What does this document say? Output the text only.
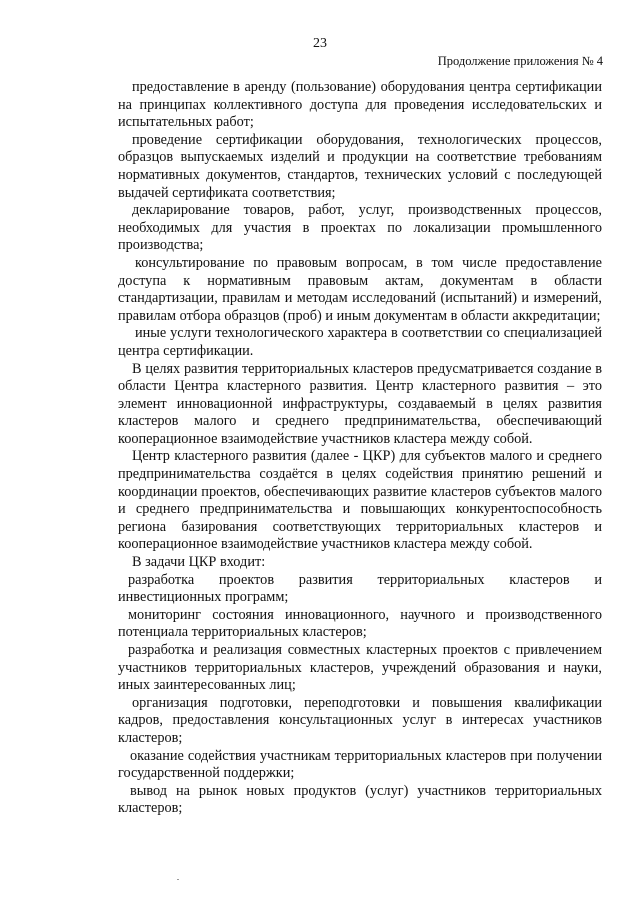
23
Продолжение приложения № 4

предоставление в аренду (пользование) оборудования центра сертификации на принципах коллективного доступа для проведения исследовательских и испытательных работ;

проведение сертификации оборудования, технологических процессов, образцов выпускаемых изделий и продукции на соответствие требованиям нормативных документов, стандартов, технических условий с последующей выдачей сертификата соответствия;

декларирование товаров, работ, услуг, производственных процессов, необходимых для участия в проектах по локализации промышленного производства;

консультирование по правовым вопросам, в том числе предоставление доступа к нормативным правовым актам, документам в области стандартизации, правилам и методам исследований (испытаний) и измерений, правилам отбора образцов (проб) и иным документам в области аккредитации;

иные услуги технологического характера в соответствии со специализацией центра сертификации.

В целях развития территориальных кластеров предусматривается создание в области Центра кластерного развития. Центр кластерного развития – это элемент инновационной инфраструктуры, создаваемый в целях развития кластеров малого и среднего предпринимательства, обеспечивающий кооперационное взаимодействие участников кластера между собой.

Центр кластерного развития (далее - ЦКР) для субъектов малого и среднего предпринимательства создаётся в целях содействия принятию решений и координации проектов, обеспечивающих развитие кластеров субъектов малого и среднего предпринимательства и повышающих конкурентоспособность региона базирования соответствующих территориальных кластеров и кооперационное взаимодействие участников кластера между собой.

В задачи ЦКР входит:

разработка проектов развития территориальных кластеров и инвестиционных программ;

мониторинг состояния инновационного, научного и производственного потенциала территориальных кластеров;

разработка и реализация совместных кластерных проектов с привлечением участников территориальных кластеров, учреждений образования и науки, иных заинтересованных лиц;

организация подготовки, переподготовки и повышения квалификации кадров, предоставления консультационных услуг в интересах участников кластеров;

оказание содействия участникам территориальных кластеров при получении государственной поддержки;

вывод на рынок новых продуктов (услуг) участников территориальных кластеров;
